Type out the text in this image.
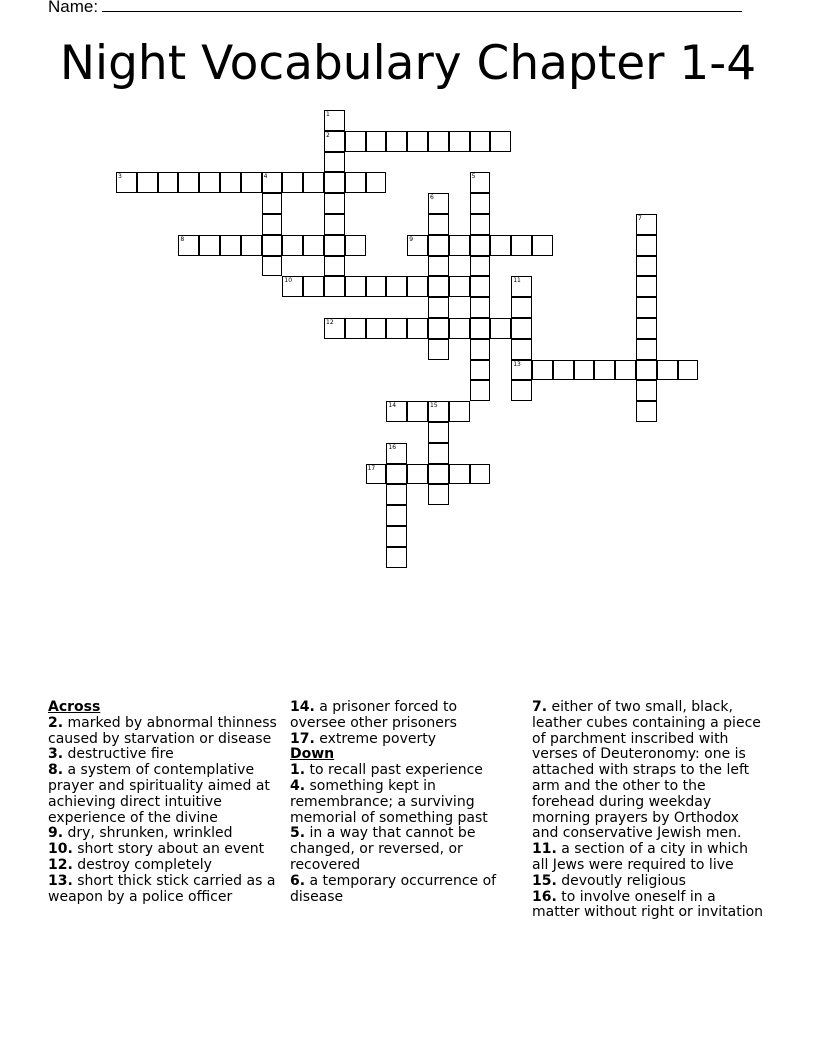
Name:
Night Vocabulary Chapter 1-4
1
2
3	4	5
6
7
8	9
10	11
13
12
14	15
16
17
Across
2. marked by abnormal thinness caused by starvation or disease
3. destructive fire
8. a system of contemplative prayer and spirituality aimed at achieving direct intuitive experience of the divine
9. dry, shrunken, wrinkled
10. short story about an event
12. destroy completely
13. short thick stick carried as a weapon by a police officer
14. a prisoner forced to oversee other prisoners
17. extreme poverty
Down
1. to recall past experience
4. something kept in remembrance; a surviving memorial of something past
5. in a way that cannot be changed, or reversed, or recovered
6. a temporary occurrence of disease
7. either of two small, black, leather cubes containing a piece of parchment inscribed with verses of Deuteronomy: one is attached with straps to the left arm and the other to the forehead during weekday morning prayers by Orthodox and conservative Jewish men.
11. a section of a city in which all Jews were required to live
15. devoutly religious
16. to involve oneself in a matter without right or invitation
